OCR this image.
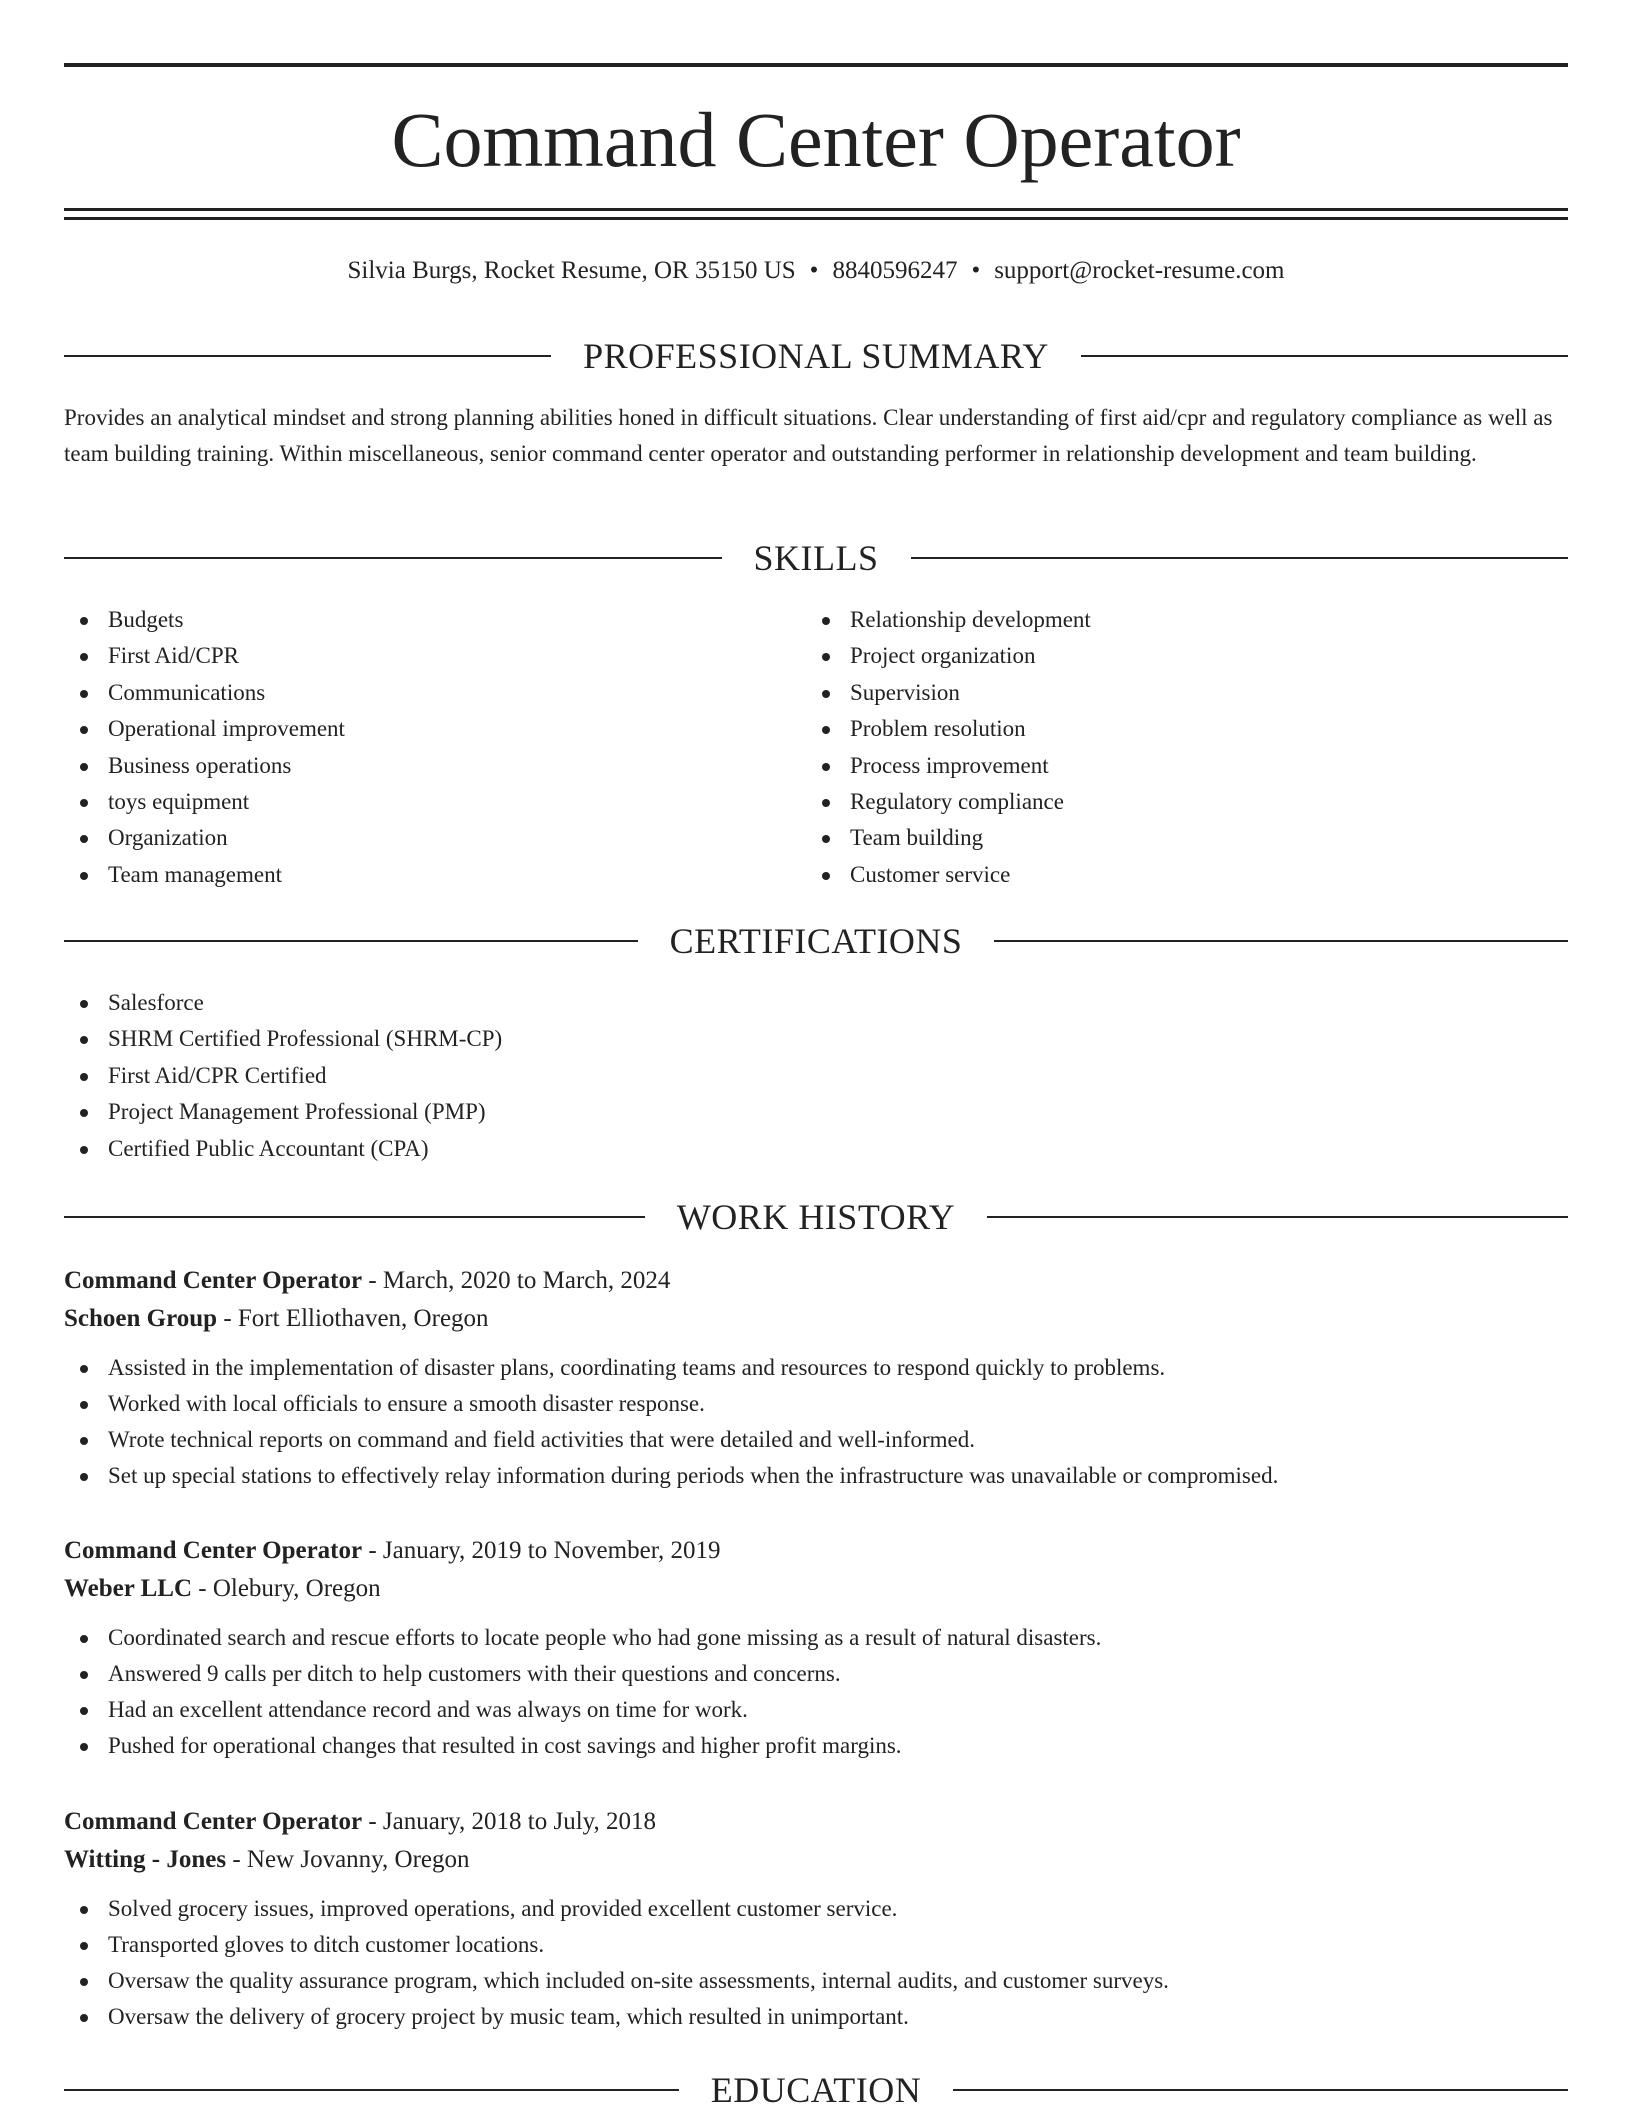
Command Center Operator
Silvia Burgs, Rocket Resume, OR 35150 US • 8840596247 • support@rocket-resume.com
PROFESSIONAL SUMMARY

Provides an analytical mindset and strong planning abilities honed in difficult situations. Clear understanding of first aid/cpr and regulatory compliance as well as team building training. Within miscellaneous, senior command center operator and outstanding performer in relationship development and team building.

SKILLS
Budgets
First Aid/CPR
Communications
Operational improvement
Business operations
toys equipment
Organization
Team management
Relationship development
Project organization
Supervision
Problem resolution
Process improvement
Regulatory compliance
Team building
Customer service
CERTIFICATIONS
Salesforce
SHRM Certified Professional (SHRM-CP)
First Aid/CPR Certified
Project Management Professional (PMP)
Certified Public Accountant (CPA)
WORK HISTORY
Command Center Operator - March, 2020 to March, 2024
Schoen Group - Fort Elliothaven, Oregon
Assisted in the implementation of disaster plans, coordinating teams and resources to respond quickly to problems.
Worked with local officials to ensure a smooth disaster response.
Wrote technical reports on command and field activities that were detailed and well-informed.
Set up special stations to effectively relay information during periods when the infrastructure was unavailable or compromised.
Command Center Operator - January, 2019 to November, 2019
Weber LLC - Olebury, Oregon
Coordinated search and rescue efforts to locate people who had gone missing as a result of natural disasters.
Answered 9 calls per ditch to help customers with their questions and concerns.
Had an excellent attendance record and was always on time for work.
Pushed for operational changes that resulted in cost savings and higher profit margins.
Command Center Operator - January, 2018 to July, 2018
Witting - Jones - New Jovanny, Oregon
Solved grocery issues, improved operations, and provided excellent customer service.
Transported gloves to ditch customer locations.
Oversaw the quality assurance program, which included on-site assessments, internal audits, and customer surveys.
Oversaw the delivery of grocery project by music team, which resulted in unimportant.
EDUCATION
